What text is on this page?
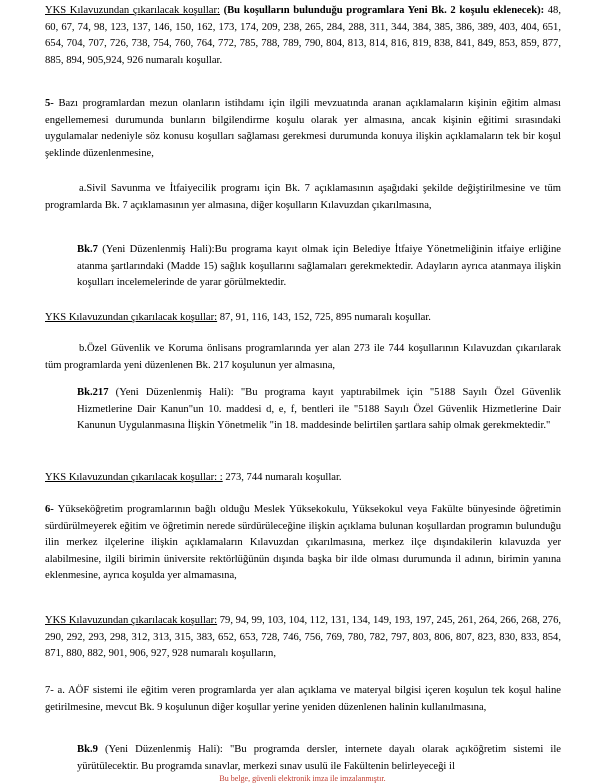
YKS Kılavuzundan çıkarılacak koşullar: (Bu koşulların bulunduğu programlara Yeni Bk. 2 koşulu eklenecek): 48, 60, 67, 74, 98, 123, 137, 146, 150, 162, 173, 174, 209, 238, 265, 284, 288, 311, 344, 384, 385, 386, 389, 403, 404, 651, 654, 704, 707, 726, 738, 754, 760, 764, 772, 785, 788, 789, 790, 804, 813, 814, 816, 819, 838, 841, 849, 853, 859, 877, 885, 894, 905,924, 926 numaralı koşullar.

5- Bazı programlardan mezun olanların istihdamı için ilgili mevzuatında aranan açıklamaların kişinin eğitim alması engellememesi durumunda bunların bilgilendirme koşulu olarak yer almasına, ancak kişinin eğitimi sırasındaki uygulamalar nedeniyle söz konusu koşulları sağlaması gerekmesi durumunda konuya ilişkin açıklamaların tek bir koşul şeklinde düzenlenmesine,

a.Sivil Savunma ve İtfaiyecilik programı için Bk. 7 açıklamasının aşağıdaki şekilde değiştirilmesine ve tüm programlarda Bk. 7 açıklamasının yer almasına, diğer koşulların Kılavuzdan çıkarılmasına,

Bk.7 (Yeni Düzenlenmiş Hali):Bu programa kayıt olmak için Belediye İtfaiye Yönetmeliğinin itfaiye erliğine atanma şartlarındaki (Madde 15) sağlık koşullarını sağlamaları gerekmektedir. Adayların ayrıca atanmaya ilişkin koşulları incelemelerinde de yarar görülmektedir.

YKS Kılavuzundan çıkarılacak koşullar: 87, 91, 116, 143, 152, 725, 895 numaralı koşullar.

b.Özel Güvenlik ve Koruma önlisans programlarında yer alan 273 ile 744 koşullarının Kılavuzdan çıkarılarak tüm programlarda yeni düzenlenen Bk. 217 koşulunun yer almasına,

Bk.217 (Yeni Düzenlenmiş Hali): "Bu programa kayıt yaptırabilmek için "5188 Sayılı Özel Güvenlik Hizmetlerine Dair Kanun"un 10. maddesi d, e, f, bentleri ile "5188 Sayılı Özel Güvenlik Hizmetlerine Dair Kanunun Uygulanmasına İlişkin Yönetmelik "in 18. maddesinde belirtilen şartlara sahip olmak gerekmektedir."

YKS Kılavuzundan çıkarılacak koşullar: : 273, 744 numaralı koşullar.

6- Yükseköğretim programlarının bağlı olduğu Meslek Yüksekokulu, Yüksekokul veya Fakülte bünyesinde öğretimin sürdürülmeyerek eğitim ve öğretimin nerede sürdürüleceğine ilişkin açıklama bulunan koşullardan programın bulunduğu ilin merkez ilçelerine ilişkin açıklamaların Kılavuzdan çıkarılmasına, merkez ilçe dışındakilerin kılavuzda yer alabilmesine, ilgili birimin üniversite rektörlüğünün dışında başka bir ilde olması durumunda il adının, birimin yanına eklenmesine, ayrıca koşulda yer almamasına,

YKS Kılavuzundan çıkarılacak koşullar: 79, 94, 99, 103, 104, 112, 131, 134, 149, 193, 197, 245, 261, 264, 266, 268, 276, 290, 292, 293, 298, 312, 313, 315, 383, 652, 653, 728, 746, 756, 769, 780, 782, 797, 803, 806, 807, 823, 830, 833, 854, 871, 880, 882, 901, 906, 927, 928 numaralı koşulların,

7- a. AÖF sistemi ile eğitim veren programlarda yer alan açıklama ve materyal bilgisi içeren koşulun tek koşul haline getirilmesine, mevcut Bk. 9 koşulunun diğer koşullar yerine yeniden düzenlenen halinin kullanılmasına,

Bk.9 (Yeni Düzenlenmiş Hali): "Bu programda dersler, internete dayalı olarak açıköğretim sistemi ile yürütülecektir. Bu programda sınavlar, merkezi sınav usulü ile Fakültenin belirleyeceği il

Bu belge, güvenli elektronik imza ile imzalanmıştır.
